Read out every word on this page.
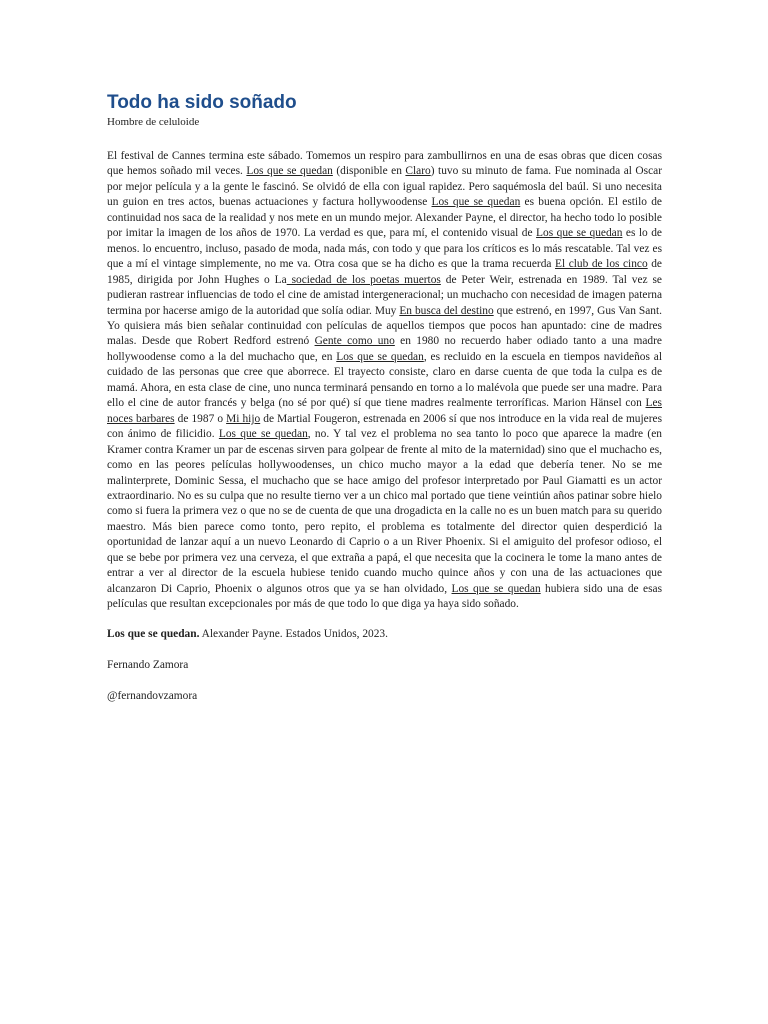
Todo ha sido soñado
Hombre de celuloide

El festival de Cannes termina este sábado. Tomemos un respiro para zambullirnos en una de esas obras que dicen cosas que hemos soñado mil veces. Los que se quedan (disponible en Claro) tuvo su minuto de fama. Fue nominada al Oscar por mejor película y a la gente le fascinó. Se olvidó de ella con igual rapidez. Pero saquémosla del baúl. Si uno necesita un guion en tres actos, buenas actuaciones y factura hollywoodense Los que se quedan es buena opción. El estilo de continuidad nos saca de la realidad y nos mete en un mundo mejor. Alexander Payne, el director, ha hecho todo lo posible por imitar la imagen de los años de 1970. La verdad es que, para mí, el contenido visual de Los que se quedan es lo de menos. lo encuentro, incluso, pasado de moda, nada más, con todo y que para los críticos es lo más rescatable. Tal vez es que a mí el vintage simplemente, no me va. Otra cosa que se ha dicho es que la trama recuerda El club de los cinco de 1985, dirigida por John Hughes o La sociedad de los poetas muertos de Peter Weir, estrenada en 1989. Tal vez se pudieran rastrear influencias de todo el cine de amistad intergeneracional; un muchacho con necesidad de imagen paterna termina por hacerse amigo de la autoridad que solía odiar. Muy En busca del destino que estrenó, en 1997, Gus Van Sant. Yo quisiera más bien señalar continuidad con películas de aquellos tiempos que pocos han apuntado: cine de madres malas. Desde que Robert Redford estrenó Gente como uno en 1980 no recuerdo haber odiado tanto a una madre hollywoodense como a la del muchacho que, en Los que se quedan, es recluido en la escuela en tiempos navideños al cuidado de las personas que cree que aborrece. El trayecto consiste, claro en darse cuenta de que toda la culpa es de mamá. Ahora, en esta clase de cine, uno nunca terminará pensando en torno a lo malévola que puede ser una madre. Para ello el cine de autor francés y belga (no sé por qué) sí que tiene madres realmente terroríficas. Marion Hänsel con Les noces barbares de 1987 o Mi hijo de Martial Fougeron, estrenada en 2006 sí que nos introduce en la vida real de mujeres con ánimo de filicidio. Los que se quedan, no. Y tal vez el problema no sea tanto lo poco que aparece la madre (en Kramer contra Kramer un par de escenas sirven para golpear de frente al mito de la maternidad) sino que el muchacho es, como en las peores películas hollywoodenses, un chico mucho mayor a la edad que debería tener. No se me malinterprete, Dominic Sessa, el muchacho que se hace amigo del profesor interpretado por Paul Giamatti es un actor extraordinario. No es su culpa que no resulte tierno ver a un chico mal portado que tiene veintiún años patinar sobre hielo como si fuera la primera vez o que no se de cuenta de que una drogadicta en la calle no es un buen match para su querido maestro. Más bien parece como tonto, pero repito, el problema es totalmente del director quien desperdició la oportunidad de lanzar aquí a un nuevo Leonardo di Caprio o a un River Phoenix. Si el amiguito del profesor odioso, el que se bebe por primera vez una cerveza, el que extraña a papá, el que necesita que la cocinera le tome la mano antes de entrar a ver al director de la escuela hubiese tenido cuando mucho quince años y con una de las actuaciones que alcanzaron Di Caprio, Phoenix o algunos otros que ya se han olvidado, Los que se quedan hubiera sido una de esas películas que resultan excepcionales por más de que todo lo que diga ya haya sido soñado.

Los que se quedan. Alexander Payne. Estados Unidos, 2023.
Fernando Zamora
@fernandovzamora
